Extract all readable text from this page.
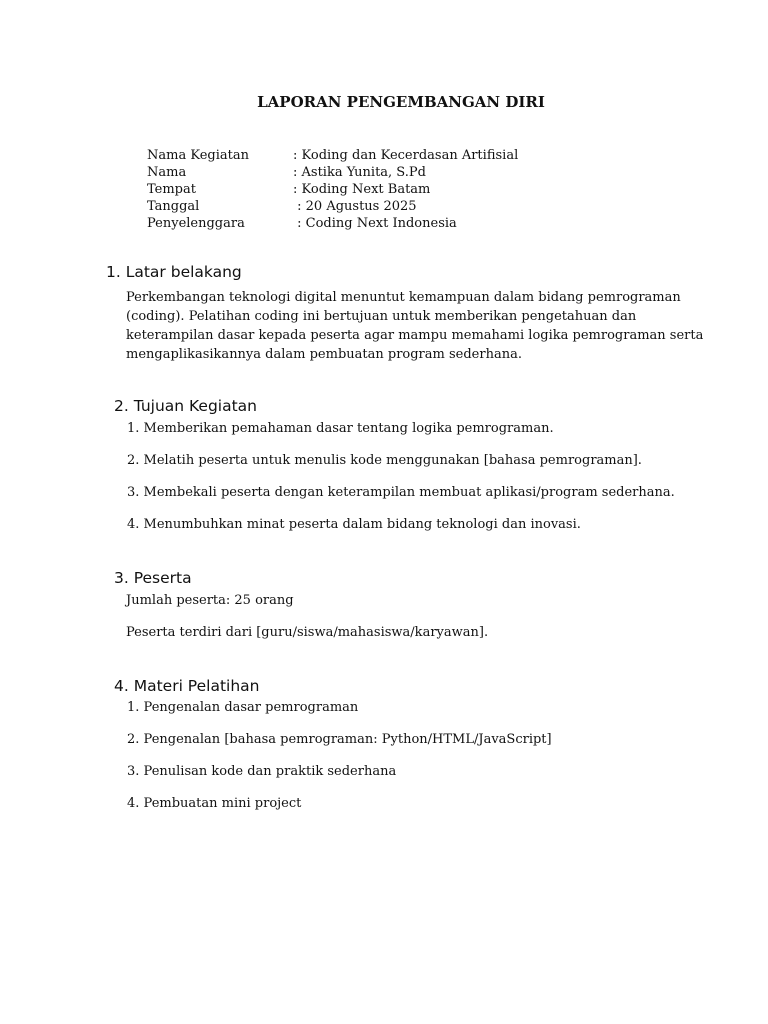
LAPORAN PENGEMBANGAN DIRI
Nama Kegiatan	: Koding dan Kecerdasan Artifisial
Nama	: Astika Yunita, S.Pd
Tempat	: Koding Next Batam
Tanggal	: 20 Agustus 2025
Penyelenggara	: Coding Next Indonesia
1. Latar belakang

Perkembangan teknologi digital menuntut kemampuan dalam bidang pemrograman
(coding). Pelatihan coding ini bertujuan untuk memberikan pengetahuan dan
keterampilan dasar kepada peserta agar mampu memahami logika pemrograman serta
mengaplikasikannya dalam pembuatan program sederhana.

2. Tujuan Kegiatan
1. Memberikan pemahaman dasar tentang logika pemrograman.
2. Melatih peserta untuk menulis kode menggunakan [bahasa pemrograman].
3. Membekali peserta dengan keterampilan membuat aplikasi/program sederhana.
4. Menumbuhkan minat peserta dalam bidang teknologi dan inovasi.
3. Peserta
Jumlah peserta: 25 orang
Peserta terdiri dari [guru/siswa/mahasiswa/karyawan].
4. Materi Pelatihan
1. Pengenalan dasar pemrograman
2. Pengenalan [bahasa pemrograman: Python/HTML/JavaScript]
3. Penulisan kode dan praktik sederhana
4. Pembuatan mini project
